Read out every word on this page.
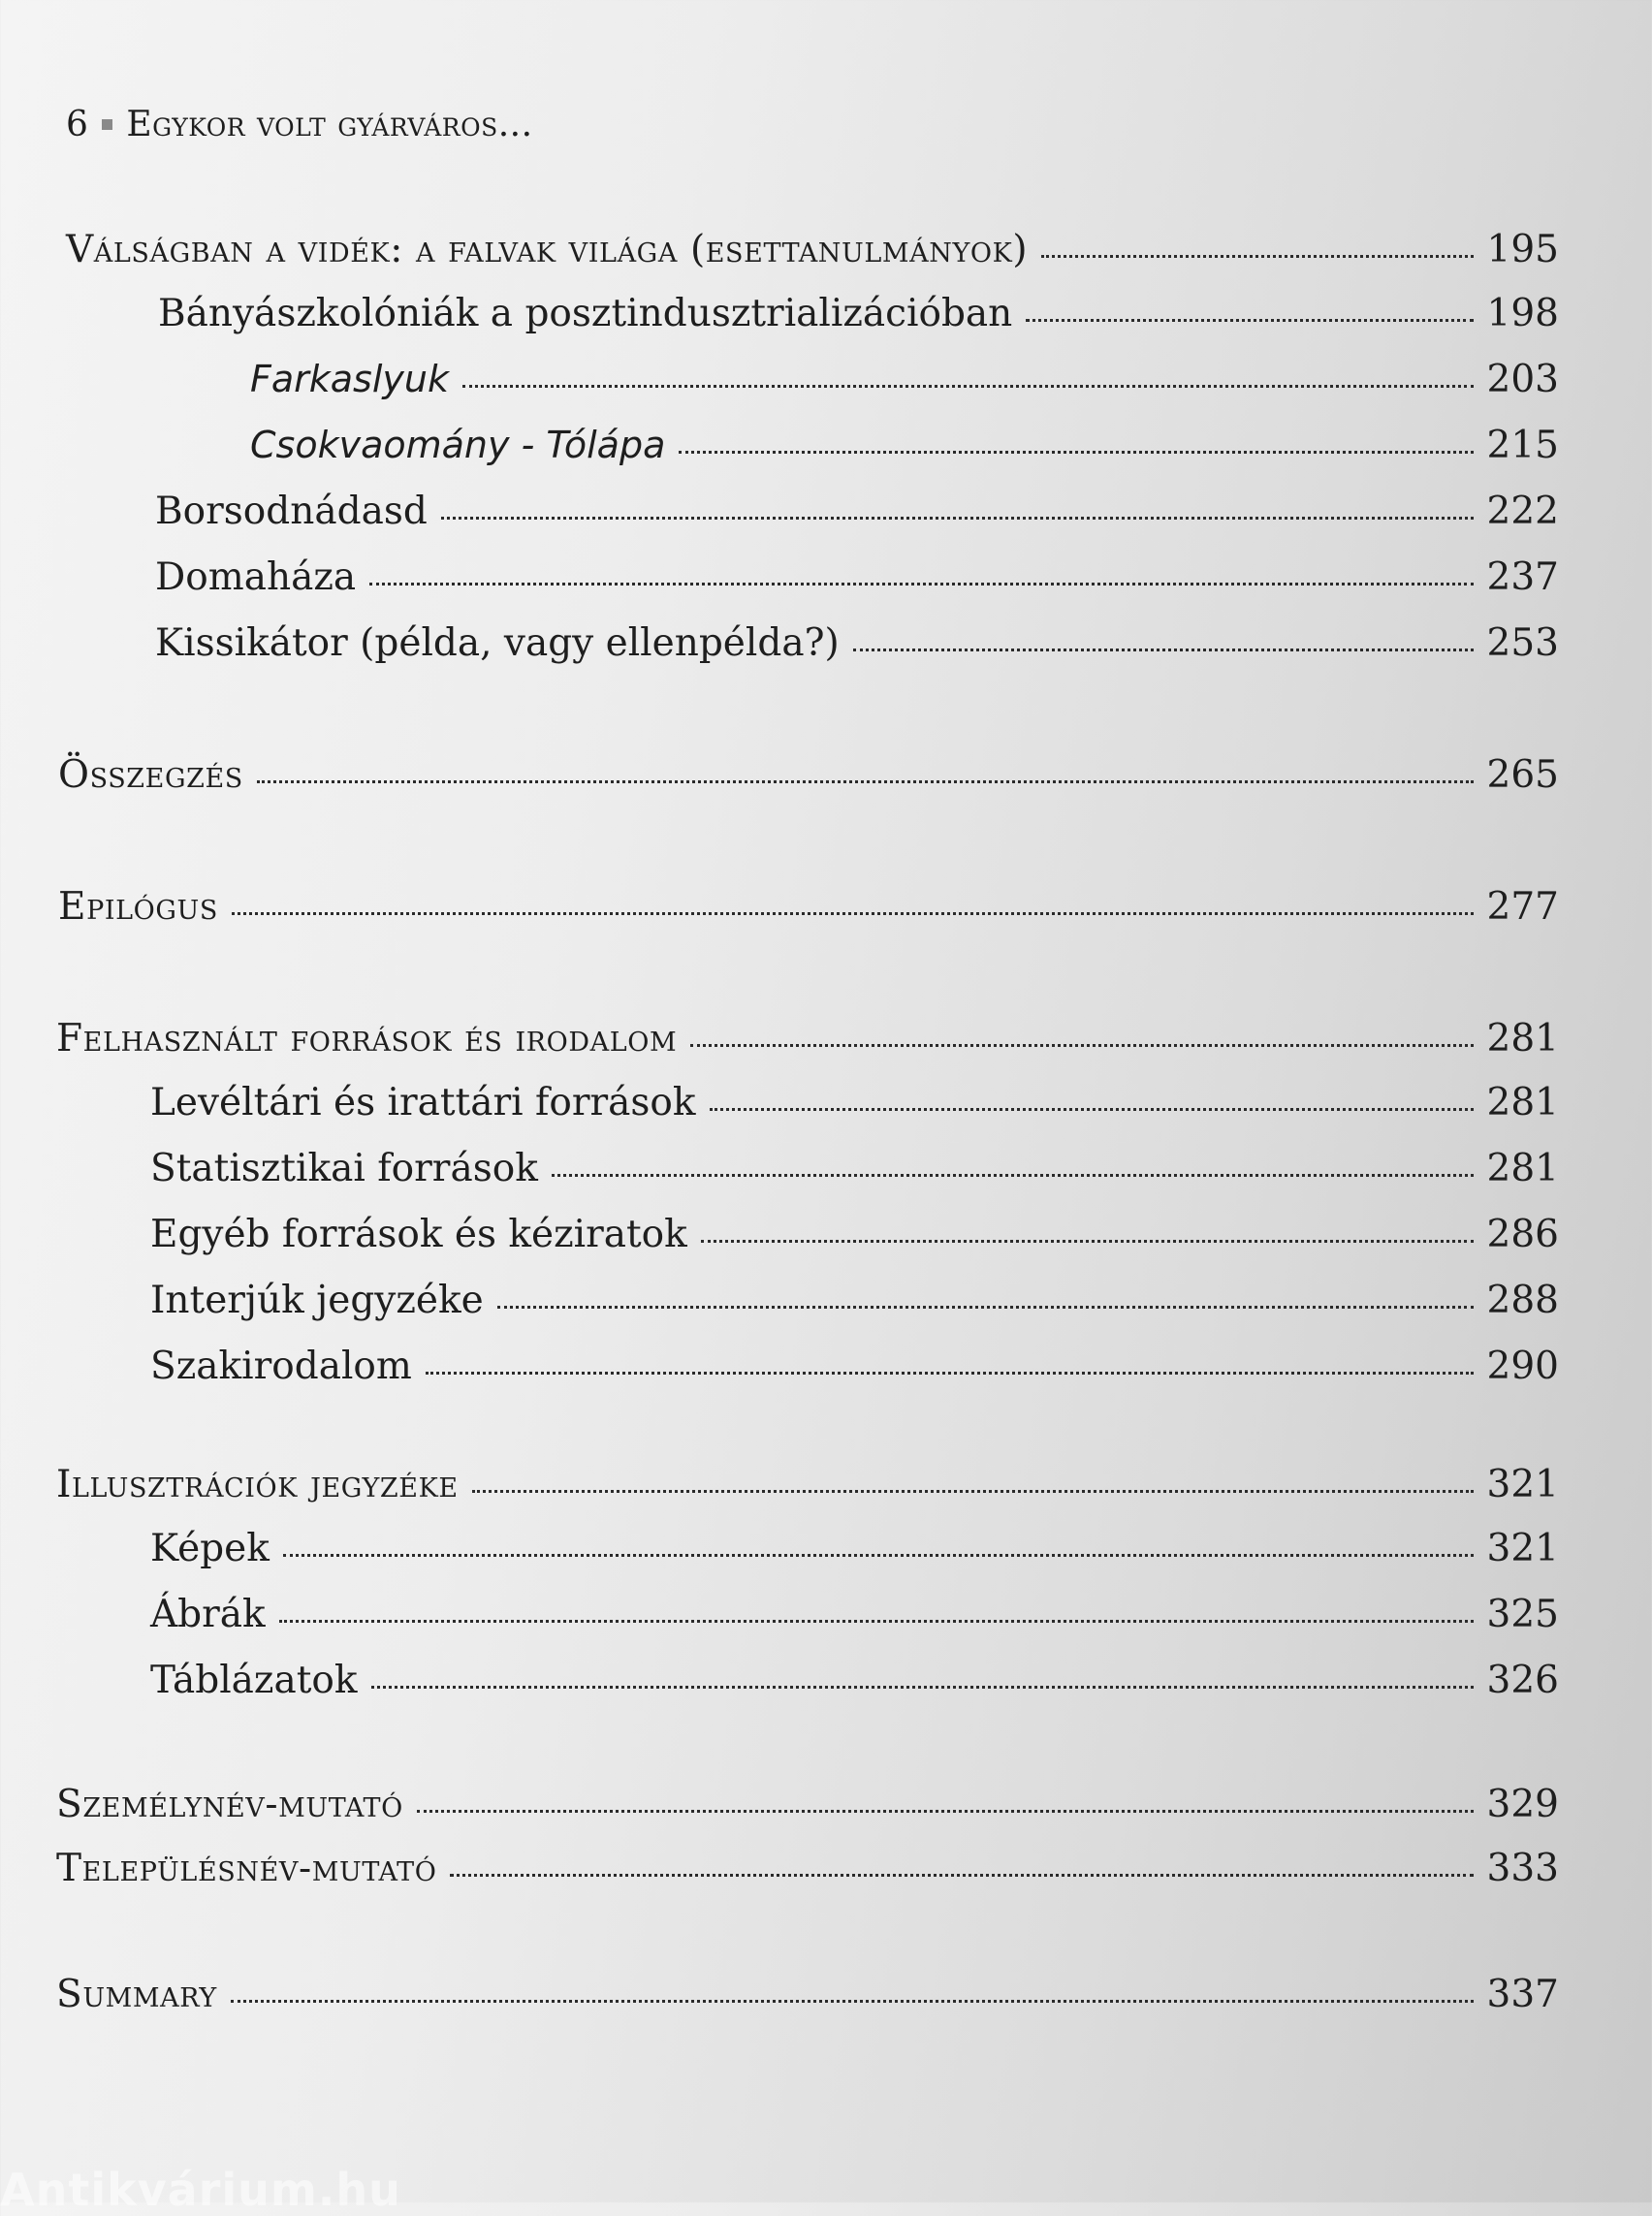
6 Egykor volt gyárváros...
Válságban a vidék: a falvak világa (esettanulmányok)	195
Bányászkolóniák a posztindusztrializációban	198
Farkaslyuk	203
Csokvaomány - Tólápa	215
Borsodnádasd	222
Domaháza	237
Kissikátor (példa, vagy ellenpélda?)	253
Összegzés	265
Epilógus	277
Felhasznált források és irodalom	281
Levéltári és irattári források	281
Statisztikai források	281
Egyéb források és kéziratok	286
Interjúk jegyzéke	288
Szakirodalom	290
Illusztrációk jegyzéke	321
Képek	321
Ábrák	325
Táblázatok	326
Személynév-mutató	329
Településnév-mutató	333
Summary	337
Antikvárium.hu
